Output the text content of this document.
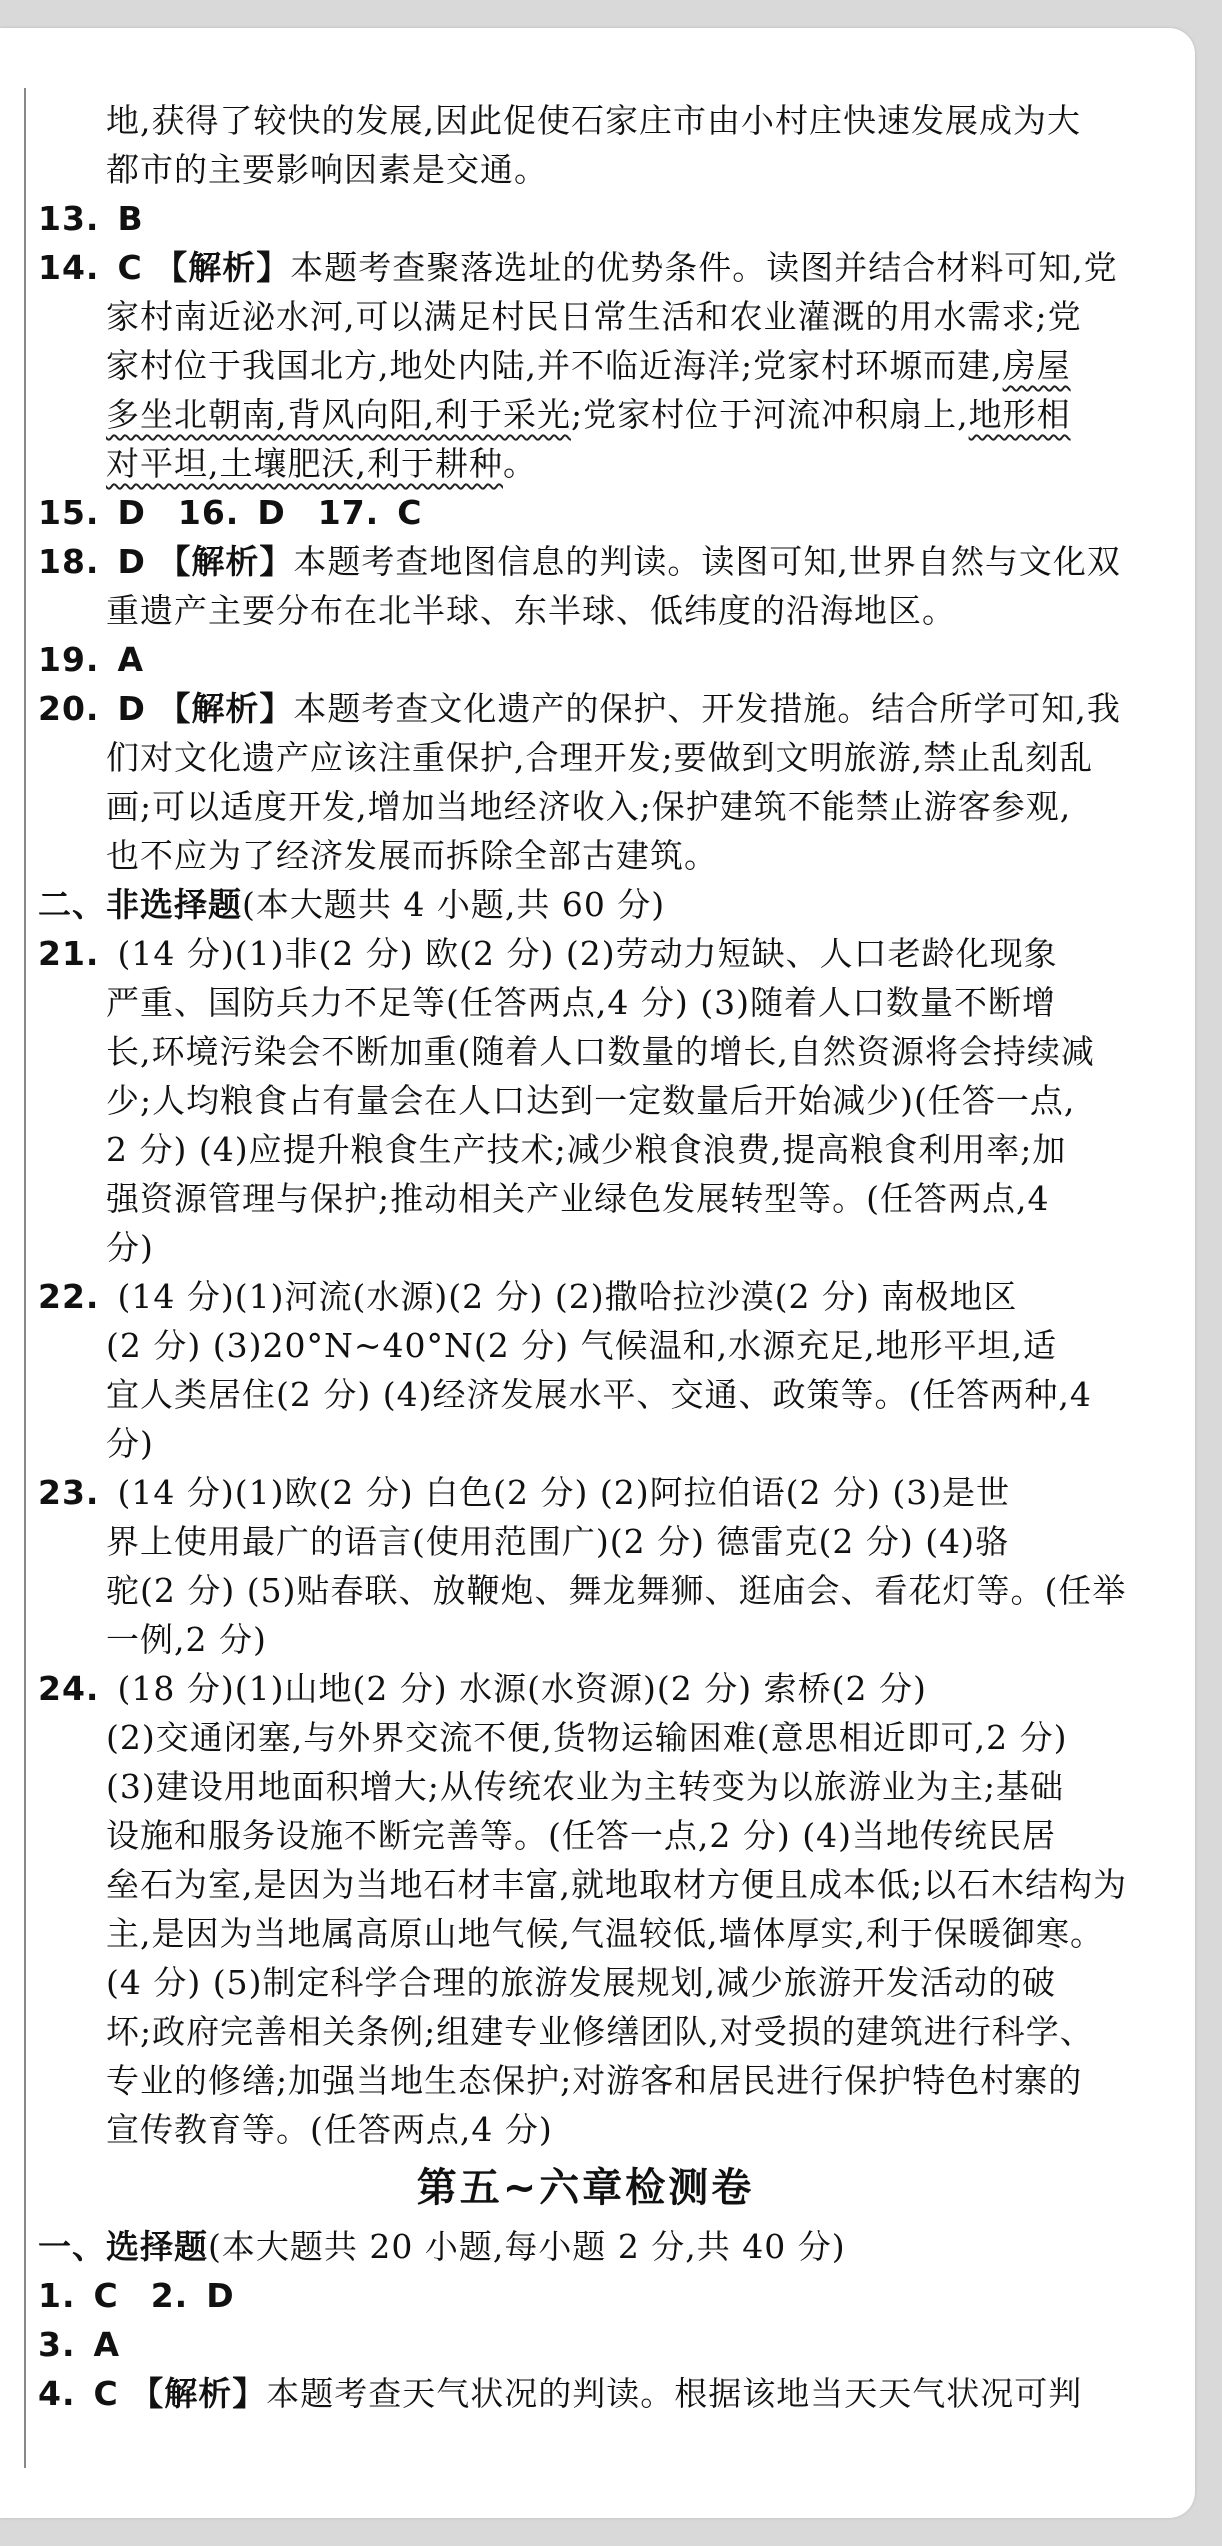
地,获得了较快的发展,因此促使石家庄市由小村庄快速发展成为大
都市的主要影响因素是交通。
13. B
14. C 【解析】本题考查聚落选址的优势条件。读图并结合材料可知,党
家村南近泌水河,可以满足村民日常生活和农业灌溉的用水需求;党
家村位于我国北方,地处内陆,并不临近海洋;党家村环塬而建,房屋
多坐北朝南,背风向阳,利于采光;党家村位于河流冲积扇上,地形相
对平坦,土壤肥沃,利于耕种。
15. D 16. D 17. C
18. D 【解析】本题考查地图信息的判读。读图可知,世界自然与文化双
重遗产主要分布在北半球、东半球、低纬度的沿海地区。
19. A
20. D 【解析】本题考查文化遗产的保护、开发措施。结合所学可知,我
们对文化遗产应该注重保护,合理开发;要做到文明旅游,禁止乱刻乱
画;可以适度开发,增加当地经济收入;保护建筑不能禁止游客参观,
也不应为了经济发展而拆除全部古建筑。
二、非选择题(本大题共 4 小题,共 60 分)
21. (14 分)(1)非(2 分) 欧(2 分) (2)劳动力短缺、人口老龄化现象
严重、国防兵力不足等(任答两点,4 分) (3)随着人口数量不断增
长,环境污染会不断加重(随着人口数量的增长,自然资源将会持续减
少;人均粮食占有量会在人口达到一定数量后开始减少)(任答一点,
2 分) (4)应提升粮食生产技术;减少粮食浪费,提高粮食利用率;加
强资源管理与保护;推动相关产业绿色发展转型等。(任答两点,4
分)
22. (14 分)(1)河流(水源)(2 分) (2)撒哈拉沙漠(2 分) 南极地区
(2 分) (3)20°N~40°N(2 分) 气候温和,水源充足,地形平坦,适
宜人类居住(2 分) (4)经济发展水平、交通、政策等。(任答两种,4
分)
23. (14 分)(1)欧(2 分) 白色(2 分) (2)阿拉伯语(2 分) (3)是世
界上使用最广的语言(使用范围广)(2 分) 德雷克(2 分) (4)骆
驼(2 分) (5)贴春联、放鞭炮、舞龙舞狮、逛庙会、看花灯等。(任举
一例,2 分)
24. (18 分)(1)山地(2 分) 水源(水资源)(2 分) 索桥(2 分)
(2)交通闭塞,与外界交流不便,货物运输困难(意思相近即可,2 分)
(3)建设用地面积增大;从传统农业为主转变为以旅游业为主;基础
设施和服务设施不断完善等。(任答一点,2 分) (4)当地传统民居
垒石为室,是因为当地石材丰富,就地取材方便且成本低;以石木结构为
主,是因为当地属高原山地气候,气温较低,墙体厚实,利于保暖御寒。
(4 分) (5)制定科学合理的旅游发展规划,减少旅游开发活动的破
坏;政府完善相关条例;组建专业修缮团队,对受损的建筑进行科学、
专业的修缮;加强当地生态保护;对游客和居民进行保护特色村寨的
宣传教育等。(任答两点,4 分)
第五~六章检测卷
一、选择题(本大题共 20 小题,每小题 2 分,共 40 分)
1. C 2. D
3. A
4. C 【解析】本题考查天气状况的判读。根据该地当天天气状况可判
